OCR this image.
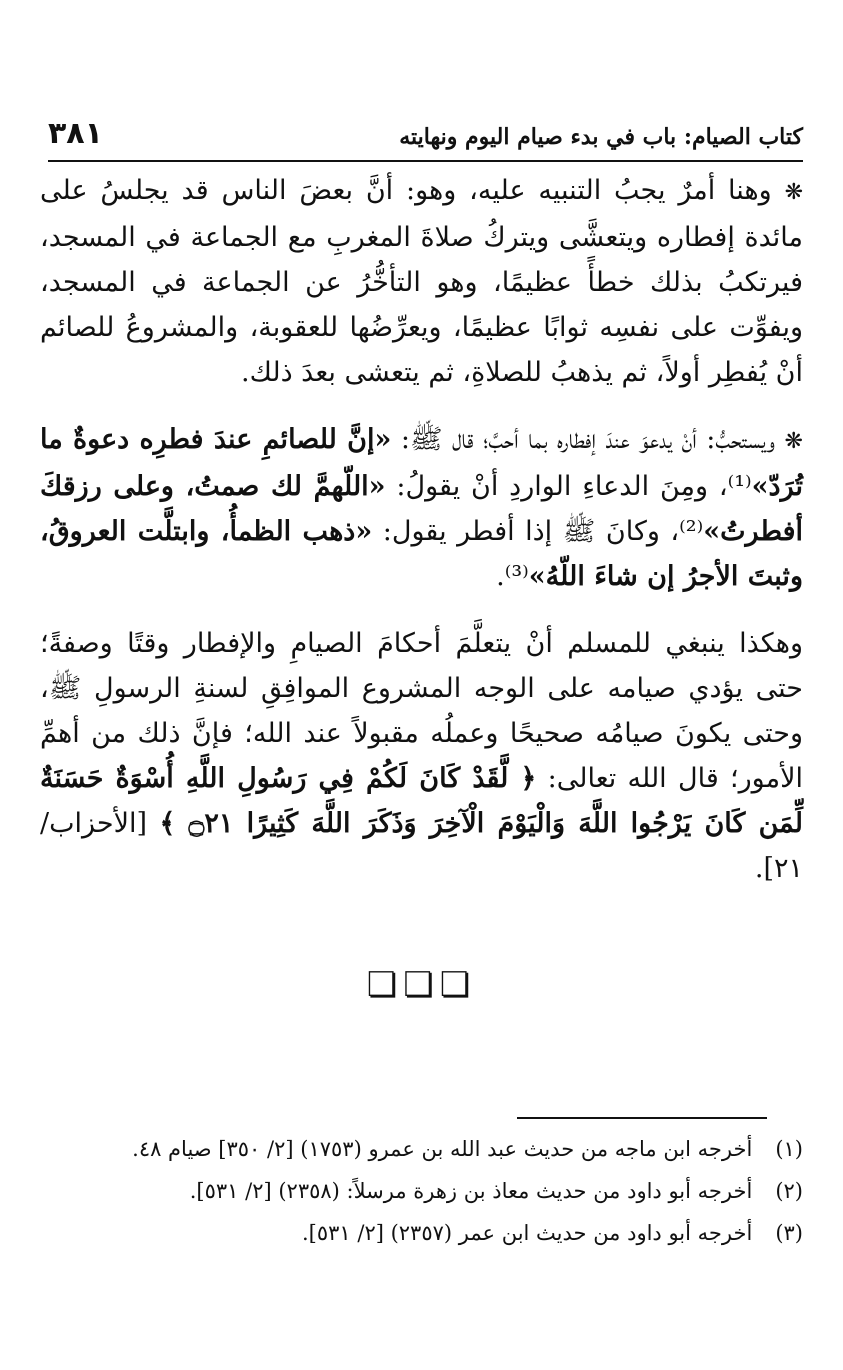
كتاب الصيام: باب في بدء صيام اليوم ونهايته
٣٨١

❋ وهنا أمرٌ يجبُ التنبيه عليه، وهو: أنَّ بعضَ الناس قد يجلسُ على مائدة إفطاره ويتعشَّى ويتركُ صلاةَ المغربِ مع الجماعة في المسجد، فيرتكبُ بذلك خطأً عظيمًا، وهو التأخُّرُ عن الجماعة في المسجد، ويفوِّت على نفسِه ثوابًا عظيمًا، ويعرِّضُها للعقوبة، والمشروعُ للصائم أنْ يُفطِر أولاً، ثم يذهبُ للصلاةِ، ثم يتعشى بعدَ ذلك.

❋ ويستحبُّ: أنْ يدعوَ عندَ إفطاره بما أحبَّ؛ قال ﷺ: «إنَّ للصائمِ عندَ فطرِه دعوةٌ ما تُرَدّ»⁽¹⁾، ومِنَ الدعاءِ الواردِ أنْ يقولُ: «اللّهمَّ لك صمتُ، وعلى رزقكَ أفطرتُ»⁽²⁾، وكانَ ﷺ إذا أفطر يقول: «ذهب الظمأُ، وابتلَّت العروقُ، وثبتَ الأجرُ إن شاءَ اللّهُ»⁽³⁾.

وهكذا ينبغي للمسلم أنْ يتعلَّمَ أحكامَ الصيامِ والإفطار وقتًا وصفةً؛ حتى يؤدي صيامه على الوجه المشروع الموافِقِ لسنةِ الرسولِ ﷺ، وحتى يكونَ صيامُه صحيحًا وعملُه مقبولاً عند الله؛ فإنَّ ذلك من أهمِّ الأمور؛ قال الله تعالى: ﴿ لَّقَدْ كَانَ لَكُمْ فِي رَسُولِ اللَّهِ أُسْوَةٌ حَسَنَةٌ لِّمَن كَانَ يَرْجُوا اللَّهَ وَالْيَوْمَ الْآخِرَ وَذَكَرَ اللَّهَ كَثِيرًا ۝٢١ ﴾ [الأحزاب/ ٢١].

❏❏❏

(١) أخرجه ابن ماجه من حديث عبد الله بن عمرو (١٧٥٣) [٢/ ٣٥٠] صيام ٤٨.

(٢) أخرجه أبو داود من حديث معاذ بن زهرة مرسلاً: (٢٣٥٨) [٢/ ٥٣١].

(٣) أخرجه أبو داود من حديث ابن عمر (٢٣٥٧) [٢/ ٥٣١].
